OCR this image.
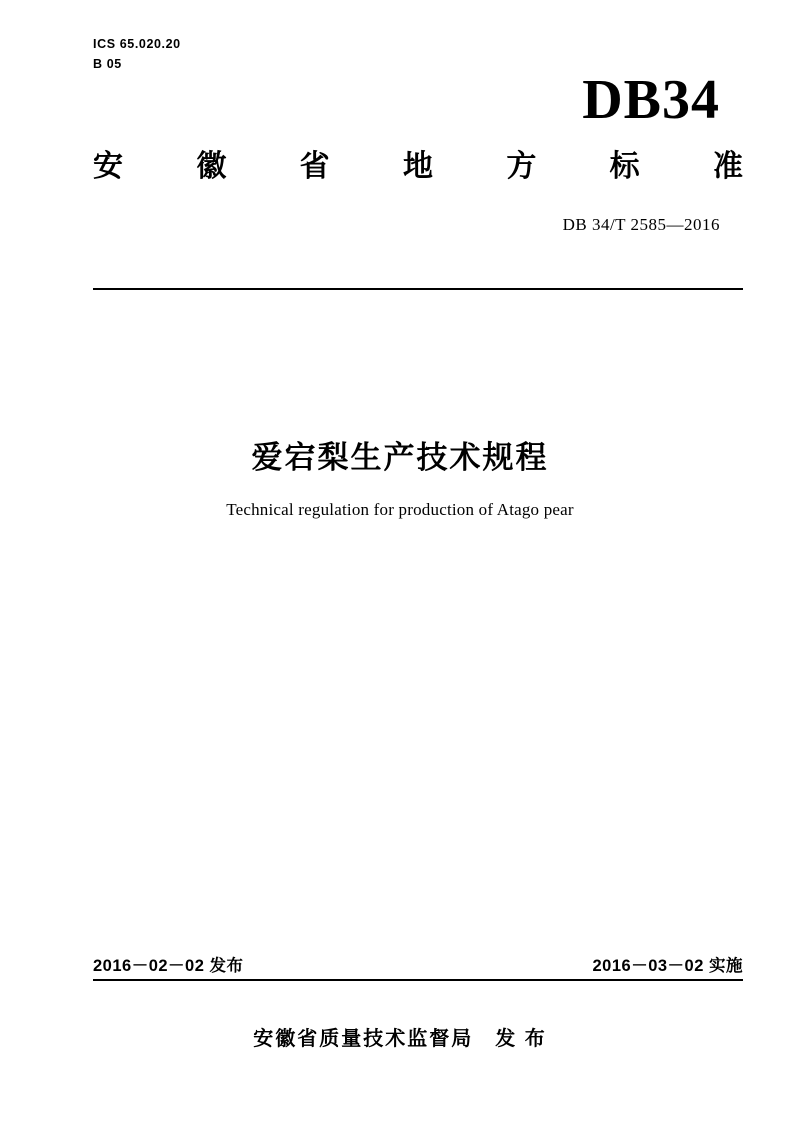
ICS 65.020.20
B 05
DB34
安 徽 省 地 方 标 准
DB 34/T 2585—2016
爱宕梨生产技术规程
Technical regulation for production of Atago pear
2016－02－02 发布	2016－03－02 实施
安徽省质量技术监督局 发 布
